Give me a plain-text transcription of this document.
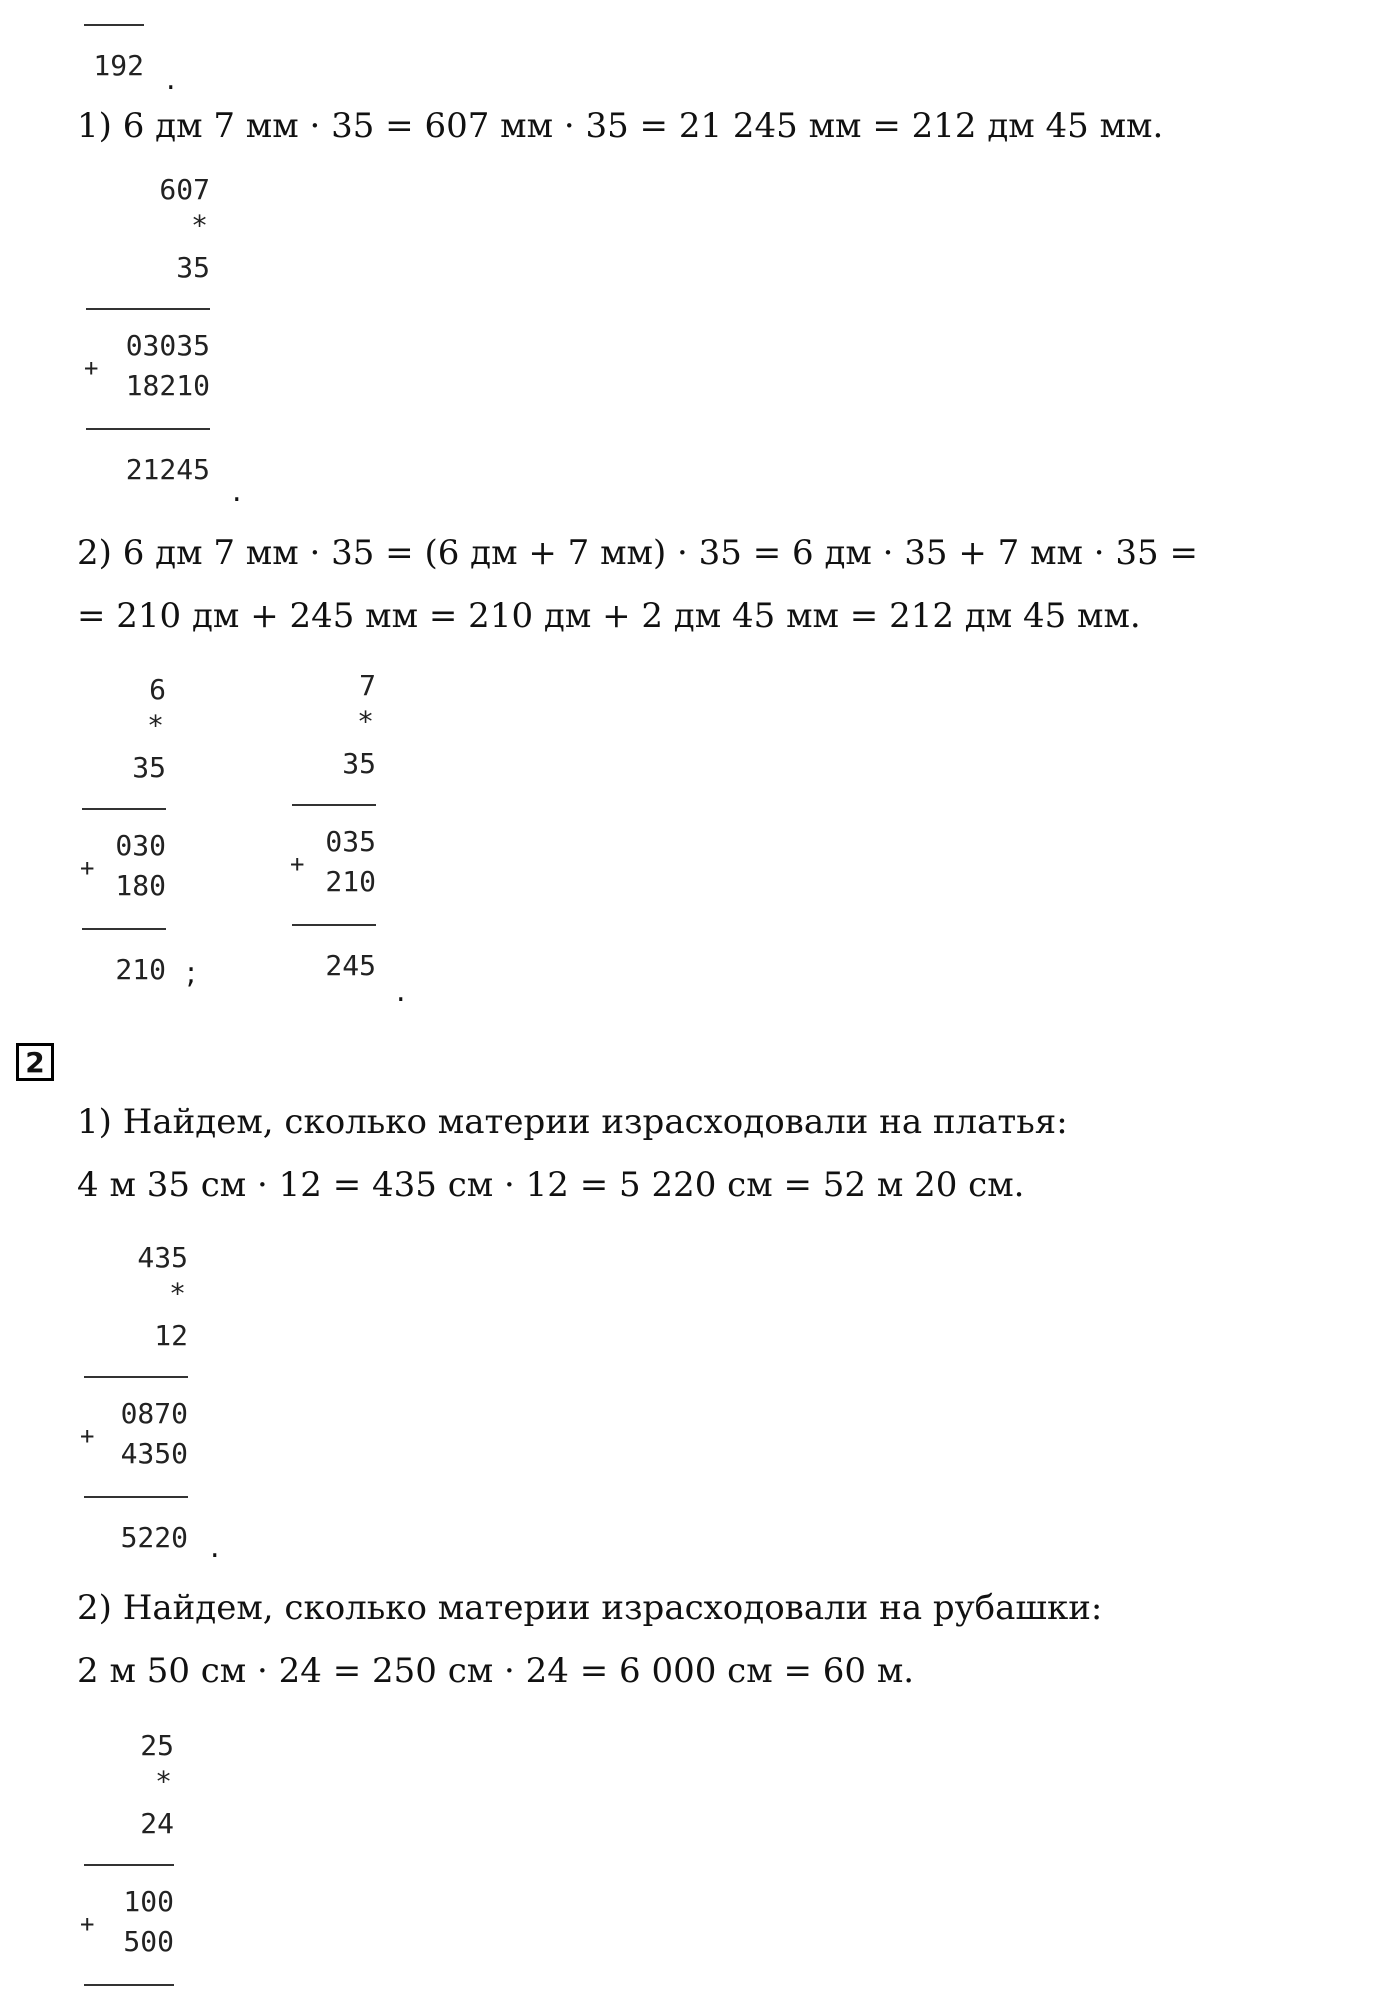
192 .
1) 6 дм 7 мм · 35 = 607 мм · 35 = 21 245 мм = 212 дм 45 мм.
607
*
35
03035
+
18210
21245
.
2) 6 дм 7 мм · 35 = (6 дм + 7 мм) · 35 = 6 дм · 35 + 7 мм · 35 =
= 210 дм + 245 мм = 210 дм + 2 дм 45 мм = 212 дм 45 мм.
6
*
35
030
+
180
210 ;
7
*
35
035
+
210
245
.
2
1) Найдем, сколько материи израсходовали на платья:
4 м 35 см · 12 = 435 см · 12 = 5 220 см = 52 м 20 см.
435
*
12
0870
+
4350
5220 .
2) Найдем, сколько материи израсходовали на рубашки:
2 м 50 см · 24 = 250 см · 24 = 6 000 см = 60 м.
25
*
24
100
+
500
